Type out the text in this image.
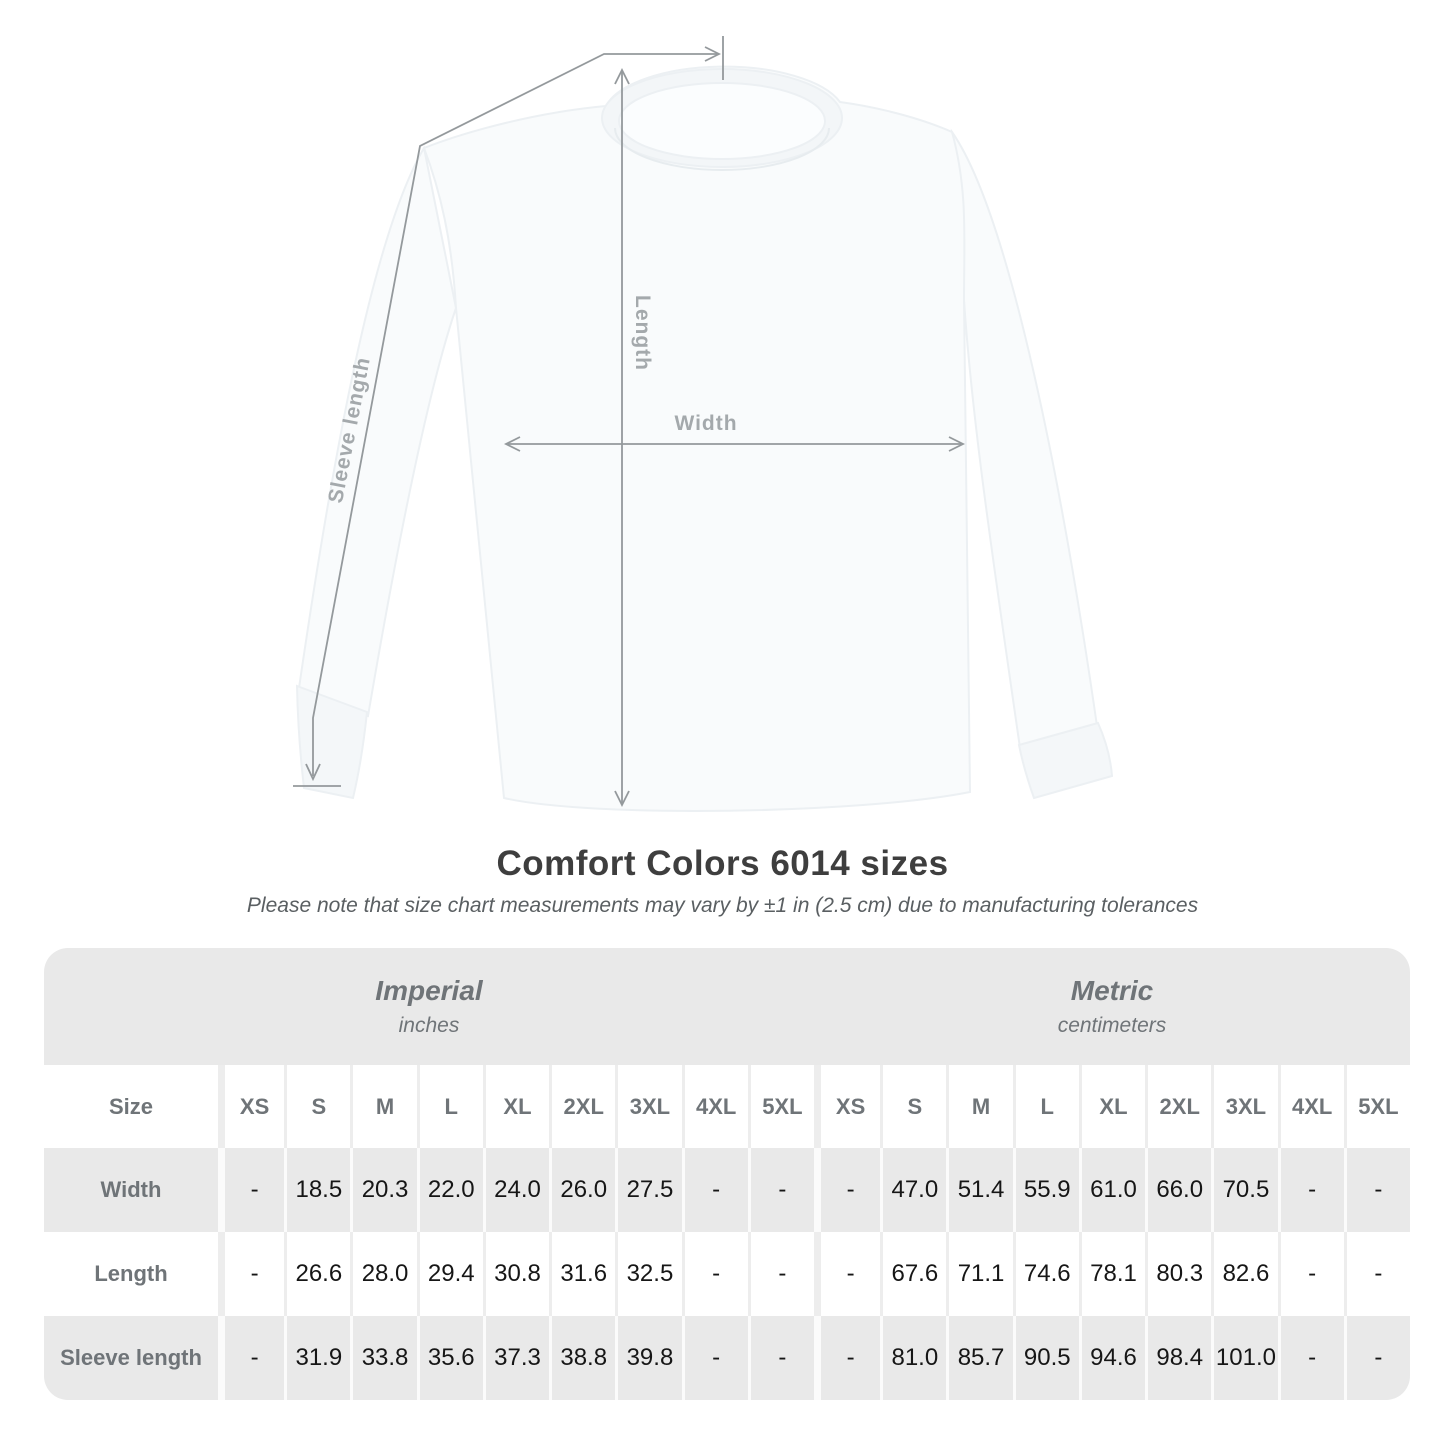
Sleeve length
Length
Width
Comfort Colors 6014 sizes
Please note that size chart measurements may vary by ±1 in (2.5 cm) due to manufacturing tolerances
Imperial
inches
Metric
centimeters
Size	XS	S	M	L	XL	2XL	3XL	4XL	5XL	XS	S	M	L	XL	2XL	3XL	4XL	5XL
Width	-	18.5 20.3 22.0 24.0 26.0 27.5	-	-	-	47.0 51.4 55.9 61.0 66.0 70.5	-	-
Length	-	26.6 28.0 29.4 30.8 31.6 32.5	-	-	-	67.6 71.1 74.6 78.1 80.3 82.6	-	-
Sleeve length	-	31.9 33.8 35.6 37.3 38.8 39.8	-	-	-	81.0 85.7 90.5 94.6 98.4 101.0	-	-
